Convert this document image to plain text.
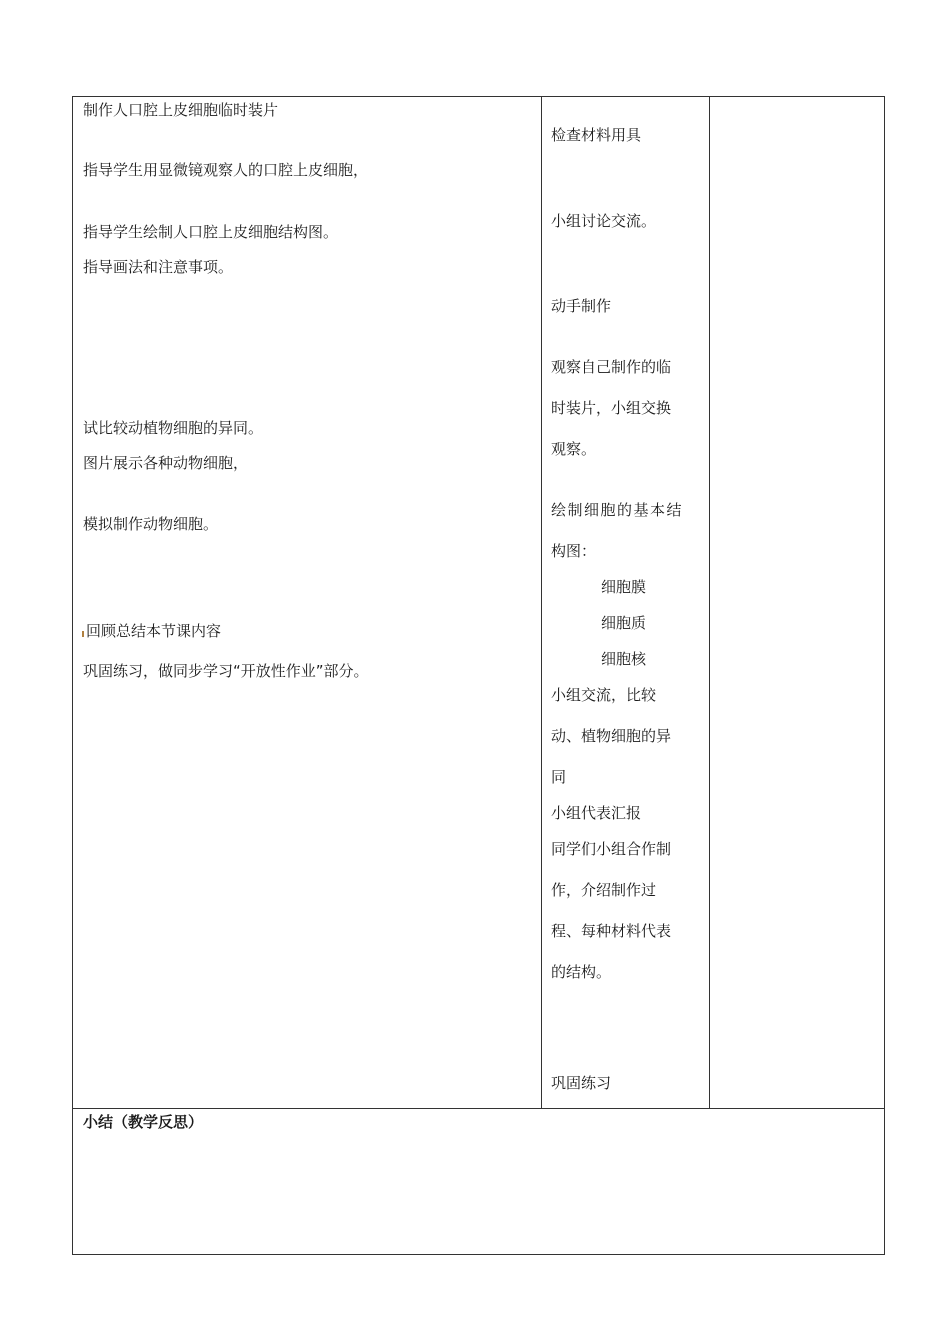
制作人口腔上皮细胞临时装片
指导学生用显微镜观察人的口腔上皮细胞，
指导学生绘制人口腔上皮细胞结构图。
指导画法和注意事项。
试比较动植物细胞的异同。
图片展示各种动物细胞，
模拟制作动物细胞。
回顾总结本节课内容
巩固练习，做同步学习“开放性作业”部分。
检查材料用具
小组讨论交流。
动手制作
观察自己制作的临
时装片，小组交换
观察。
绘制细胞的基本结
构图：
细胞膜
细胞质
细胞核
小组交流，比较
动、植物细胞的异
同
小组代表汇报
同学们小组合作制
作，介绍制作过
程、每种材料代表
的结构。
巩固练习
小结（教学反思）
